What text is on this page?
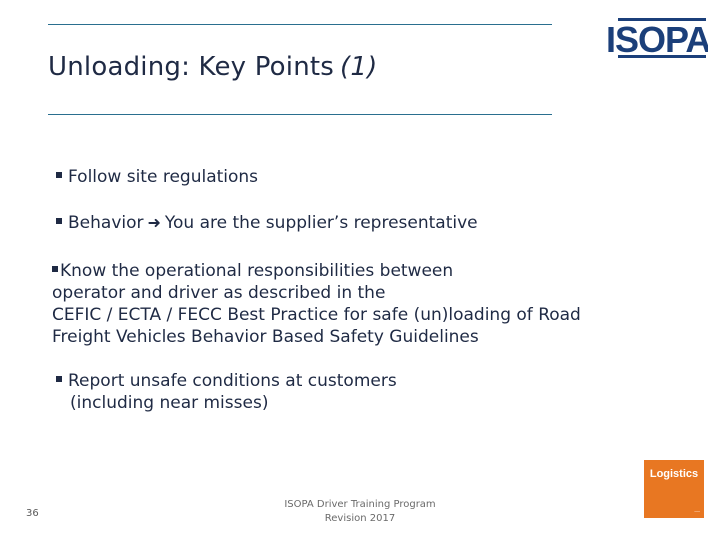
Unloading: Key Points (1)
ISOPA
Follow site regulations
Behavior ➜ You are the supplier’s representative
Know the operational responsibilities between
operator and driver as described in the
CEFIC / ECTA / FECC Best Practice for safe (un)loading of Road
Freight Vehicles Behavior Based Safety Guidelines
Report unsafe conditions at customers
(including near misses)
36
ISOPA Driver Training Program
Revision 2017
Logistics
──
